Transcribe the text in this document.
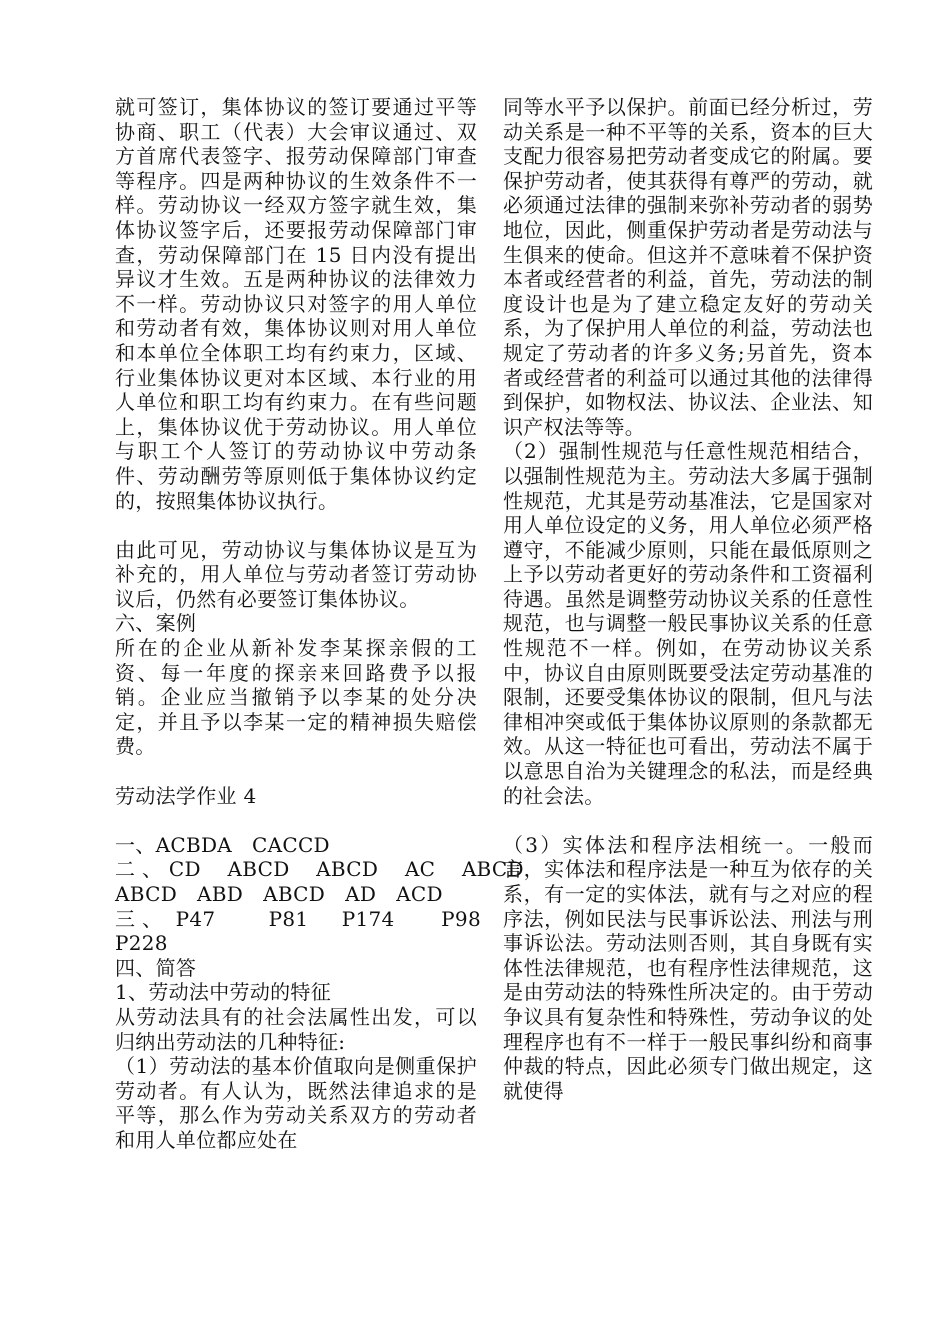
就可签订，集体协议的签订要通过平等协商、职工（代表）大会审议通过、双方首席代表签字、报劳动保障部门审查等程序。四是两种协议的生效条件不一样。劳动协议一经双方签字就生效，集体协议签字后，还要报劳动保障部门审查，劳动保障部门在 15 日内没有提出异议才生效。五是两种协议的法律效力不一样。劳动协议只对签字的用人单位和劳动者有效，集体协议则对用人单位和本单位全体职工均有约束力，区域、行业集体协议更对本区域、本行业的用人单位和职工均有约束力。在有些问题上，集体协议优于劳动协议。用人单位与职工个人签订的劳动协议中劳动条件、劳动酬劳等原则低于集体协议约定的，按照集体协议执行。

由此可见，劳动协议与集体协议是互为补充的，用人单位与劳动者签订劳动协议后，仍然有必要签订集体协议。

六、案例

所在的企业从新补发李某探亲假的工资、每一年度的探亲来回路费予以报销。企业应当撤销予以李某的处分决定，并且予以李某一定的精神损失赔偿费。

劳动法学作业 4

一、ACBDA   CACCD

二 、 CD    ABCD    ABCD    AC    ABCD
ABCD   ABD   ABCD   AD   ACD

三 、  P47        P81     P174       P98
P228

四、简答

1、劳动法中劳动的特征

从劳动法具有的社会法属性出发，可以归纳出劳动法的几种特征:

（1）劳动法的基本价值取向是侧重保护劳动者。有人认为，既然法律追求的是平等，那么作为劳动关系双方的劳动者和用人单位都应处在

同等水平予以保护。前面已经分析过，劳动关系是一种不平等的关系，资本的巨大支配力很容易把劳动者变成它的附属。要保护劳动者，使其获得有尊严的劳动，就必须通过法律的强制来弥补劳动者的弱势地位，因此，侧重保护劳动者是劳动法与生俱来的使命。但这并不意味着不保护资本者或经营者的利益，首先，劳动法的制度设计也是为了建立稳定友好的劳动关系，为了保护用人单位的利益，劳动法也规定了劳动者的许多义务;另首先，资本者或经营者的利益可以通过其他的法律得到保护，如物权法、协议法、企业法、知识产权法等等。

（2）强制性规范与任意性规范相结合，以强制性规范为主。劳动法大多属于强制性规范，尤其是劳动基准法，它是国家对用人单位设定的义务，用人单位必须严格遵守，不能减少原则，只能在最低原则之上予以劳动者更好的劳动条件和工资福利待遇。虽然是调整劳动协议关系的任意性规范，也与调整一般民事协议关系的任意性规范不一样。例如，在劳动协议关系中，协议自由原则既要受法定劳动基准的限制，还要受集体协议的限制，但凡与法律相冲突或低于集体协议原则的条款都无效。从这一特征也可看出，劳动法不属于以意思自治为关键理念的私法，而是经典的社会法。

（3）实体法和程序法相统一。一般而言，实体法和程序法是一种互为依存的关系，有一定的实体法，就有与之对应的程序法，例如民法与民事诉讼法、刑法与刑事诉讼法。劳动法则否则，其自身既有实体性法律规范，也有程序性法律规范，这是由劳动法的特殊性所决定的。由于劳动争议具有复杂性和特殊性，劳动争议的处理程序也有不一样于一般民事纠纷和商事仲裁的特点，因此必须专门做出规定，这就使得
